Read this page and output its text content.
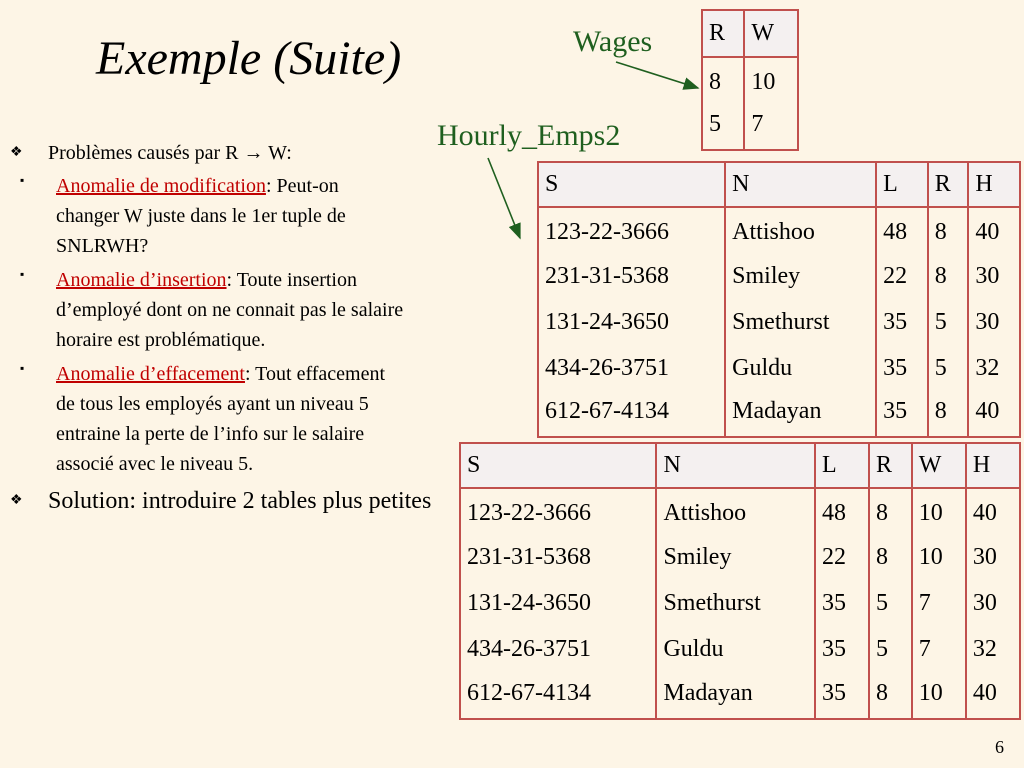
Exemple (Suite)	Wages
Hourly_Emps2
R	W
8	10
5	7
S	N	L	R	H
123-22-3666	Attishoo	48	8	40
231-31-5368	Smiley	22	8	30
131-24-3650	Smethurst	35	5	30
434-26-3751	Guldu	35	5	32
612-67-4134	Madayan	35	8	40
S	N	L	R	W	H
123-22-3666	Attishoo	48	8	10	40
231-31-5368	Smiley	22	8	10	30
131-24-3650	Smethurst	35	5	7	30
434-26-3751	Guldu	35	5	7	32
612-67-4134	Madayan	35	8	10	40
❖ Problèmes causés par R → W:
▪ Anomalie de modification: Peut-on changer W juste dans le 1er tuple de SNLRWH?
▪ Anomalie d’insertion: Toute insertion d’employé dont on ne connait pas le salaire horaire est problématique.
▪ Anomalie d’effacement: Tout effacement de tous les employés ayant un niveau 5 entraine la perte de l’info sur le salaire associé avec le niveau 5.
❖ Solution: introduire 2 tables plus petites
6
